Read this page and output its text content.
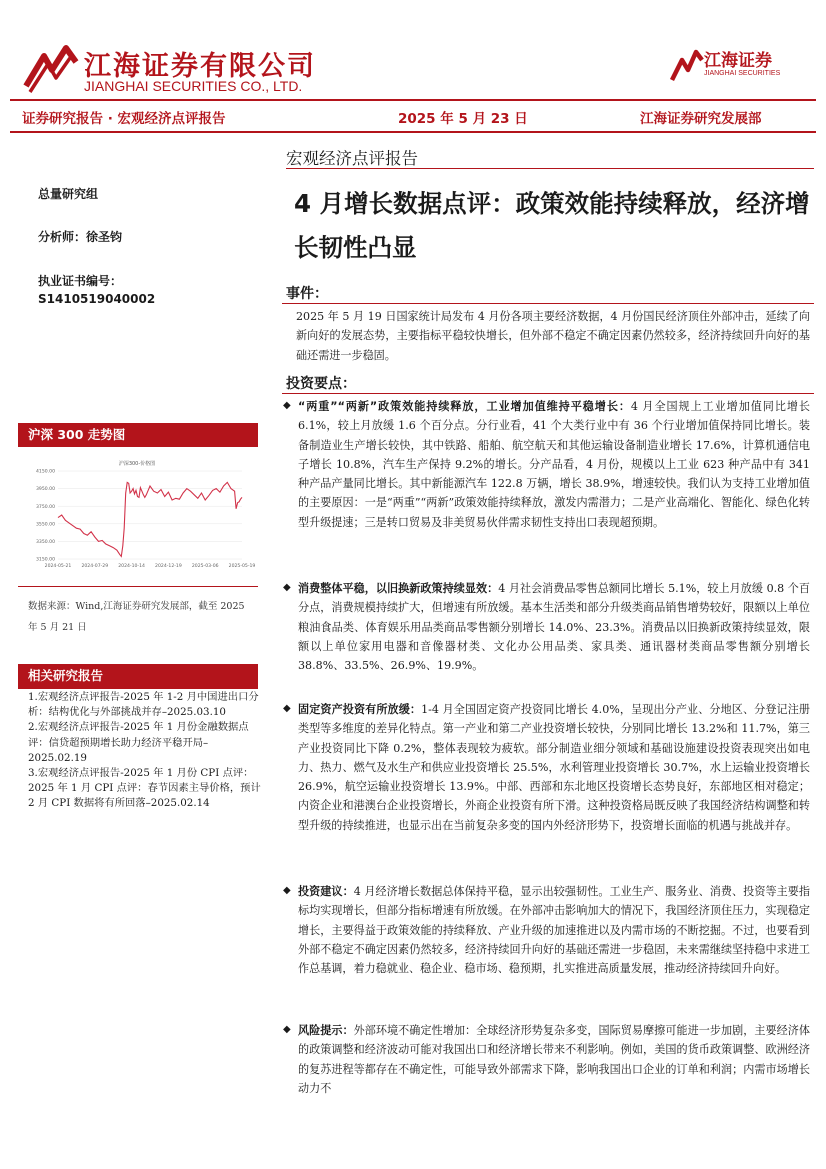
江海证券有限公司
JIANGHAI SECURITIES CO., LTD.
江海证券
JIANGHAI SECURITIES
证券研究报告 · 宏观经济点评报告	2025 年 5 月 23 日	江海证券研究发展部
宏观经济点评报告
4 月增长数据点评：政策效能持续释放，经济增长韧性凸显
总量研究组
分析师：徐圣钧
执业证书编号：
S1410519040002
沪深 300 走势图
沪深300-价格图
4150.00
3950.00
3750.00
3550.00
3350.00
3150.00
2024-05-21 2024-07-29 2024-10-14 2024-12-19 2025-03-06 2025-05-19
数据来源：Wind,江海证券研究发展部，截至 2025
年 5 月 21 日
相关研究报告
1.宏观经济点评报告-2025 年 1-2 月中国进出口分析：结构优化与外部挑战并存–2025.03.10
2.宏观经济点评报告-2025 年 1 月份金融数据点评：信贷超预期增长助力经济平稳开局–2025.02.19
3.宏观经济点评报告-2025 年 1 月份 CPI 点评：2025 年 1 月 CPI 点评：春节因素主导价格，预计 2 月 CPI 数据将有所回落–2025.02.14
事件：
2025 年 5 月 19 日国家统计局发布 4 月份各项主要经济数据，4 月份国民经济顶住外部冲击，延续了向新向好的发展态势，主要指标平稳较快增长，但外部不稳定不确定因素仍然较多，经济持续回升向好的基础还需进一步稳固。
投资要点：
◆ “两重”“两新”政策效能持续释放，工业增加值维持平稳增长：4 月全国规上工业增加值同比增长 6.1%，较上月放缓 1.6 个百分点。分行业看，41 个大类行业中有 36 个行业增加值保持同比增长。装备制造业生产增长较快，其中铁路、船舶、航空航天和其他运输设备制造业增长 17.6%，计算机通信电子增长 10.8%，汽车生产保持 9.2%的增长。分产品看，4 月份，规模以上工业 623 种产品中有 341 种产品产量同比增长。其中新能源汽车 122.8 万辆，增长 38.9%，增速较快。我们认为支持工业增加值的主要原因：一是“两重”“两新”政策效能持续释放，激发内需潜力；二是产业高端化、智能化、绿色化转型升级提速；三是转口贸易及非美贸易伙伴需求韧性支持出口表现超预期。
◆ 消费整体平稳，以旧换新政策持续显效：4 月社会消费品零售总额同比增长 5.1%，较上月放缓 0.8 个百分点，消费规模持续扩大，但增速有所放缓。基本生活类和部分升级类商品销售增势较好，限额以上单位粮油食品类、体育娱乐用品类商品零售额分别增长 14.0%、23.3%。消费品以旧换新政策持续显效，限额以上单位家用电器和音像器材类、文化办公用品类、家具类、通讯器材类商品零售额分别增长 38.8%、33.5%、26.9%、19.9%。
◆ 固定资产投资有所放缓：1-4 月全国固定资产投资同比增长 4.0%，呈现出分产业、分地区、分登记注册类型等多维度的差异化特点。第一产业和第二产业投资增长较快，分别同比增长 13.2%和 11.7%，第三产业投资同比下降 0.2%，整体表现较为疲软。部分制造业细分领域和基础设施建设投资表现突出如电力、热力、燃气及水生产和供应业投资增长 25.5%，水利管理业投资增长 30.7%，水上运输业投资增长 26.9%，航空运输业投资增长 13.9%。中部、西部和东北地区投资增长态势良好，东部地区相对稳定；内资企业和港澳台企业投资增长，外商企业投资有所下滑。这种投资格局既反映了我国经济结构调整和转型升级的持续推进，也显示出在当前复杂多变的国内外经济形势下，投资增长面临的机遇与挑战并存。
◆ 投资建议：4 月经济增长数据总体保持平稳，显示出较强韧性。工业生产、服务业、消费、投资等主要指标均实现增长，但部分指标增速有所放缓。在外部冲击影响加大的情况下，我国经济顶住压力，实现稳定增长，主要得益于政策效能的持续释放、产业升级的加速推进以及内需市场的不断挖掘。不过，也要看到外部不稳定不确定因素仍然较多，经济持续回升向好的基础还需进一步稳固，未来需继续坚持稳中求进工作总基调，着力稳就业、稳企业、稳市场、稳预期，扎实推进高质量发展，推动经济持续回升向好。
◆ 风险提示：外部环境不确定性增加：全球经济形势复杂多变，国际贸易摩擦可能进一步加剧，主要经济体的政策调整和经济波动可能对我国出口和经济增长带来不利影响。例如，美国的货币政策调整、欧洲经济的复苏进程等都存在不确定性，可能导致外部需求下降，影响我国出口企业的订单和利润；内需市场增长动力不
